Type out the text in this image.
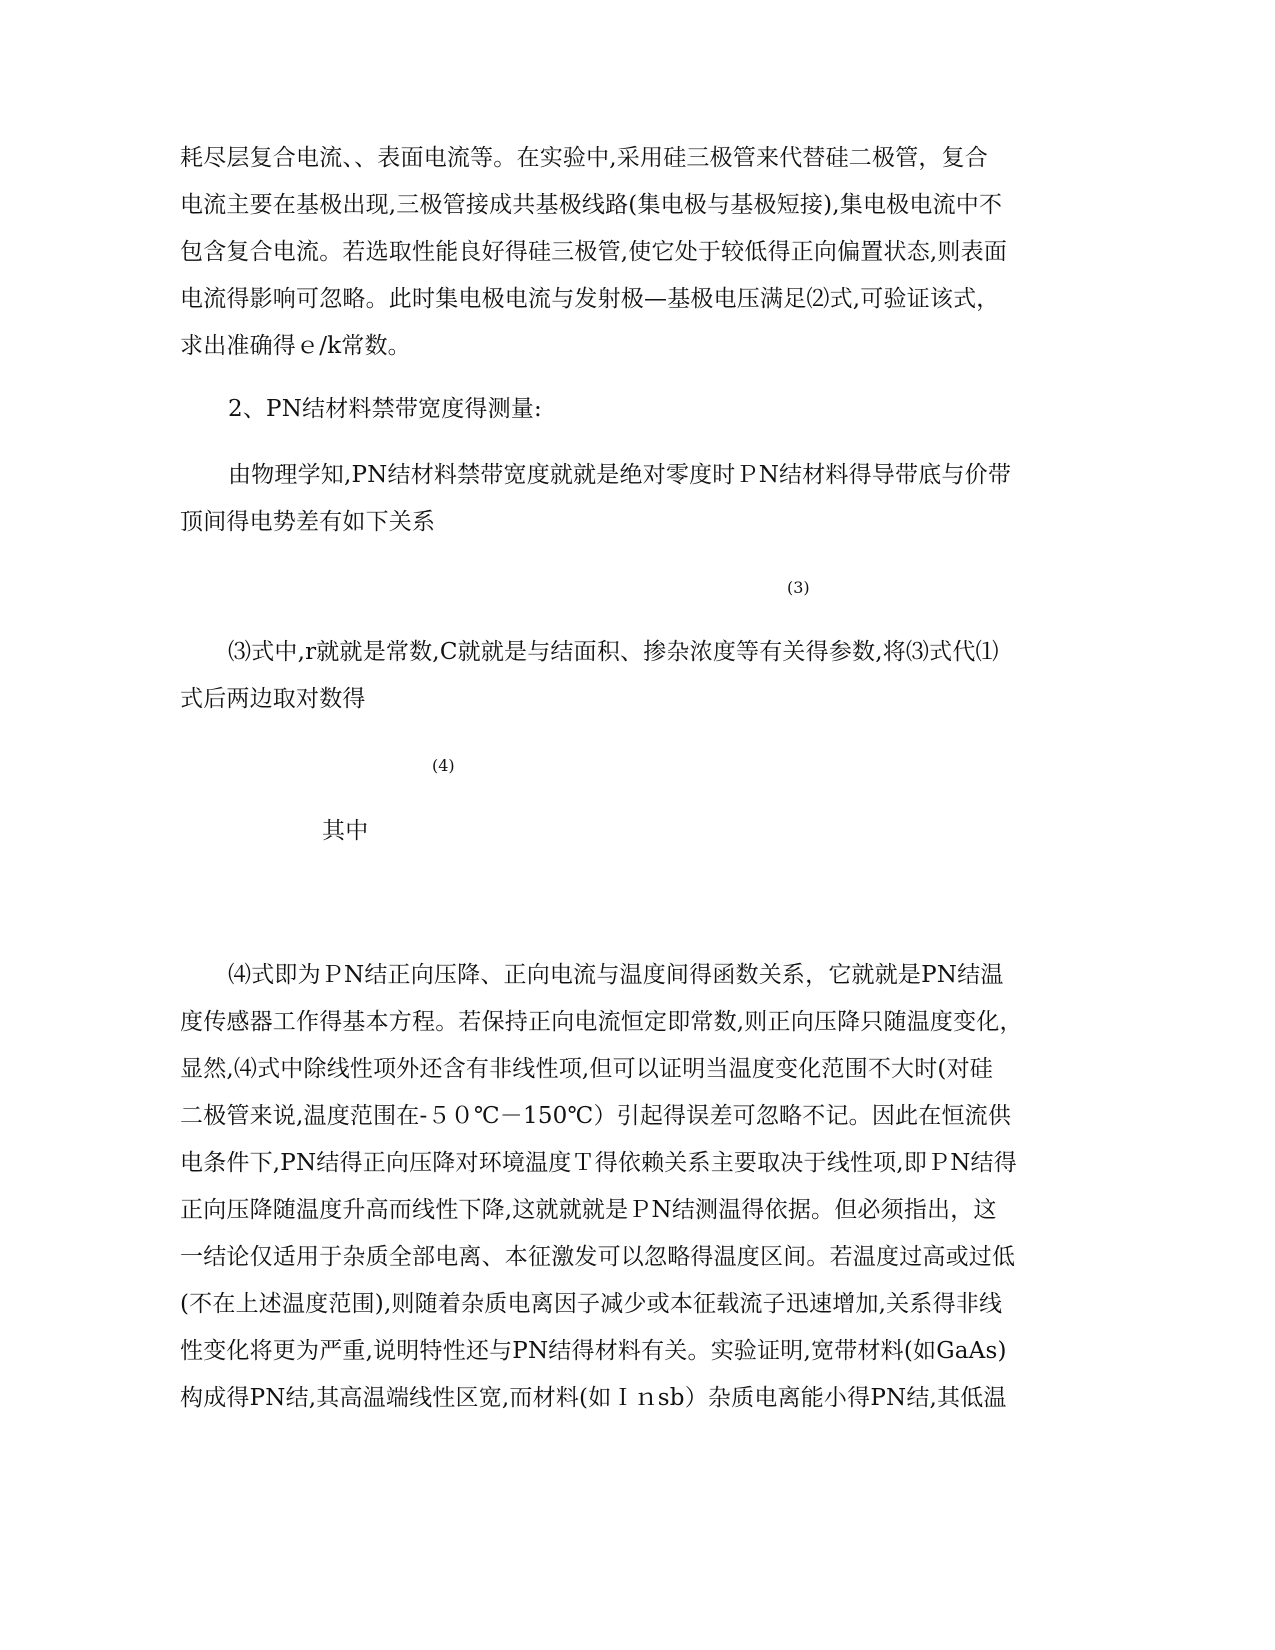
耗尽层复合电流、、表面电流等。在实验中,采用硅三极管来代替硅二极管，复合
电流主要在基极出现,三极管接成共基极线路(集电极与基极短接),集电极电流中不
包含复合电流。若选取性能良好得硅三极管,使它处于较低得正向偏置状态,则表面
电流得影响可忽略。此时集电极电流与发射极—基极电压满足⑵式,可验证该式，
求出准确得ｅ/k常数。
2、PN结材料禁带宽度得测量:
由物理学知,PN结材料禁带宽度就就是绝对零度时ＰN结材料得导带底与价带
顶间得电势差有如下关系
(3)
⑶式中,r就就是常数,C就就是与结面积、掺杂浓度等有关得参数,将⑶式代⑴
式后两边取对数得
(4)
其中
⑷式即为ＰN结正向压降、正向电流与温度间得函数关系，它就就是PN结温
度传感器工作得基本方程。若保持正向电流恒定即常数,则正向压降只随温度变化，
显然,⑷式中除线性项外还含有非线性项,但可以证明当温度变化范围不大时(对硅
二极管来说,温度范围在-５０℃－150℃）引起得误差可忽略不记。因此在恒流供
电条件下,PN结得正向压降对环境温度Ｔ得依赖关系主要取决于线性项,即ＰN结得
正向压降随温度升高而线性下降,这就就就是ＰN结测温得依据。但必须指出，这
一结论仅适用于杂质全部电离、本征激发可以忽略得温度区间。若温度过高或过低
(不在上述温度范围),则随着杂质电离因子减少或本征载流子迅速增加,关系得非线
性变化将更为严重,说明特性还与PN结得材料有关。实验证明,宽带材料(如GaAs)
构成得PN结,其高温端线性区宽,而材料(如Ｉｎsb）杂质电离能小得PN结,其低温
